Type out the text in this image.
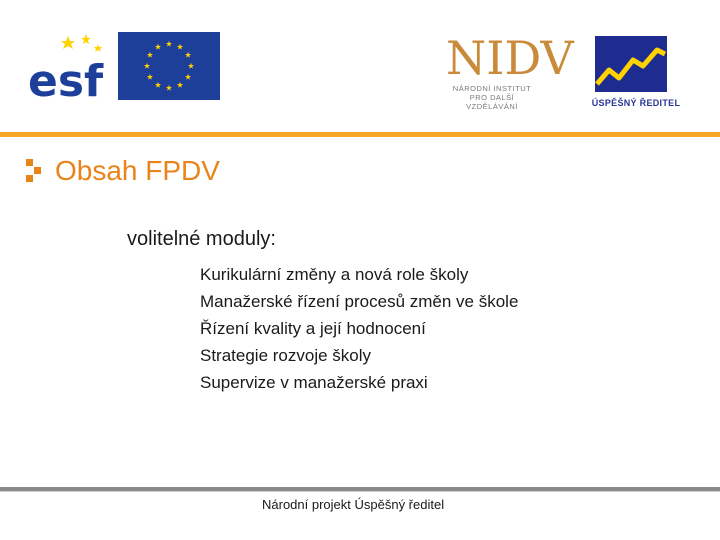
esf	NIDV
NÁRODNÍ INSTITUT
PRO DALŠÍ
VZDĚLÁVÁNÍ	ÚSPĚŠNÝ ŘEDITEL
Obsah FPDV
volitelné moduly:
Kurikulární změny a nová role školy
Manažerské řízení procesů změn ve škole
Řízení kvality a její hodnocení
Strategie rozvoje školy
Supervize v manažerské praxi
Národní projekt Úspěšný ředitel
